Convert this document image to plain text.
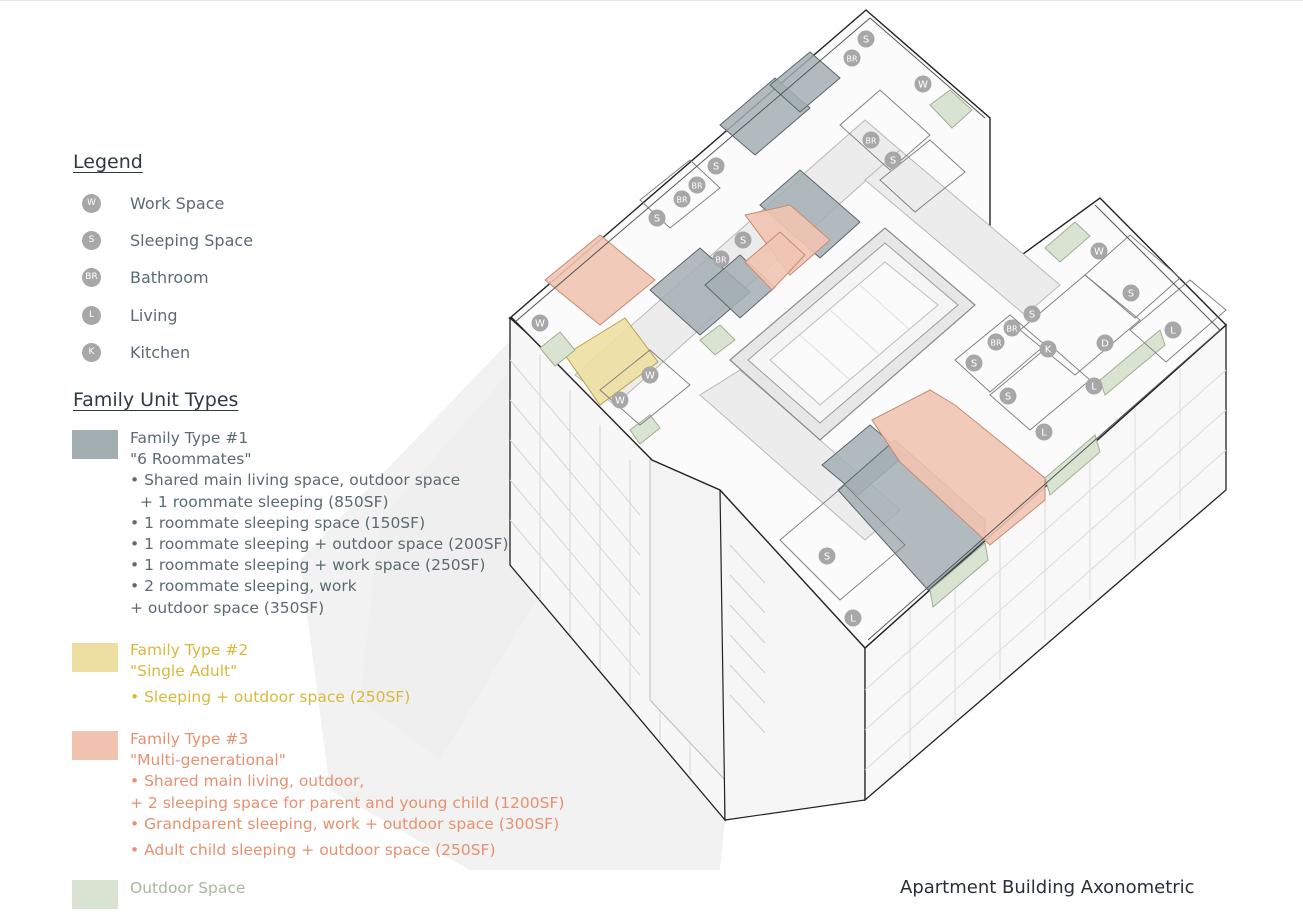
S
BR
W
BR
S
S
BR
BR
S
BR
S
W
W
W
W
S
BR
BR
S
K
D
S
L
S
L
L
S
L
Legend
W	Work Space
S	Sleeping Space
BR Bathroom
L	Living
K	Kitchen
Family Unit Types
Family Type #1
"6 Roommates"
• Shared main living space, outdoor space
+ 1 roommate sleeping (850SF)
• 1 roommate sleeping space (150SF)
• 1 roommate sleeping + outdoor space (200SF)
• 1 roommate sleeping + work space (250SF)
• 2 roommate sleeping, work
+ outdoor space (350SF)
Family Type #2
"Single Adult"
• Sleeping + outdoor space (250SF)
Family Type #3
"Multi-generational"
• Shared main living, outdoor,
+ 2 sleeping space for parent and young child (1200SF)
• Grandparent sleeping, work + outdoor space (300SF)
• Adult child sleeping + outdoor space (250SF)
Outdoor Space	Apartment Building Axonometric
